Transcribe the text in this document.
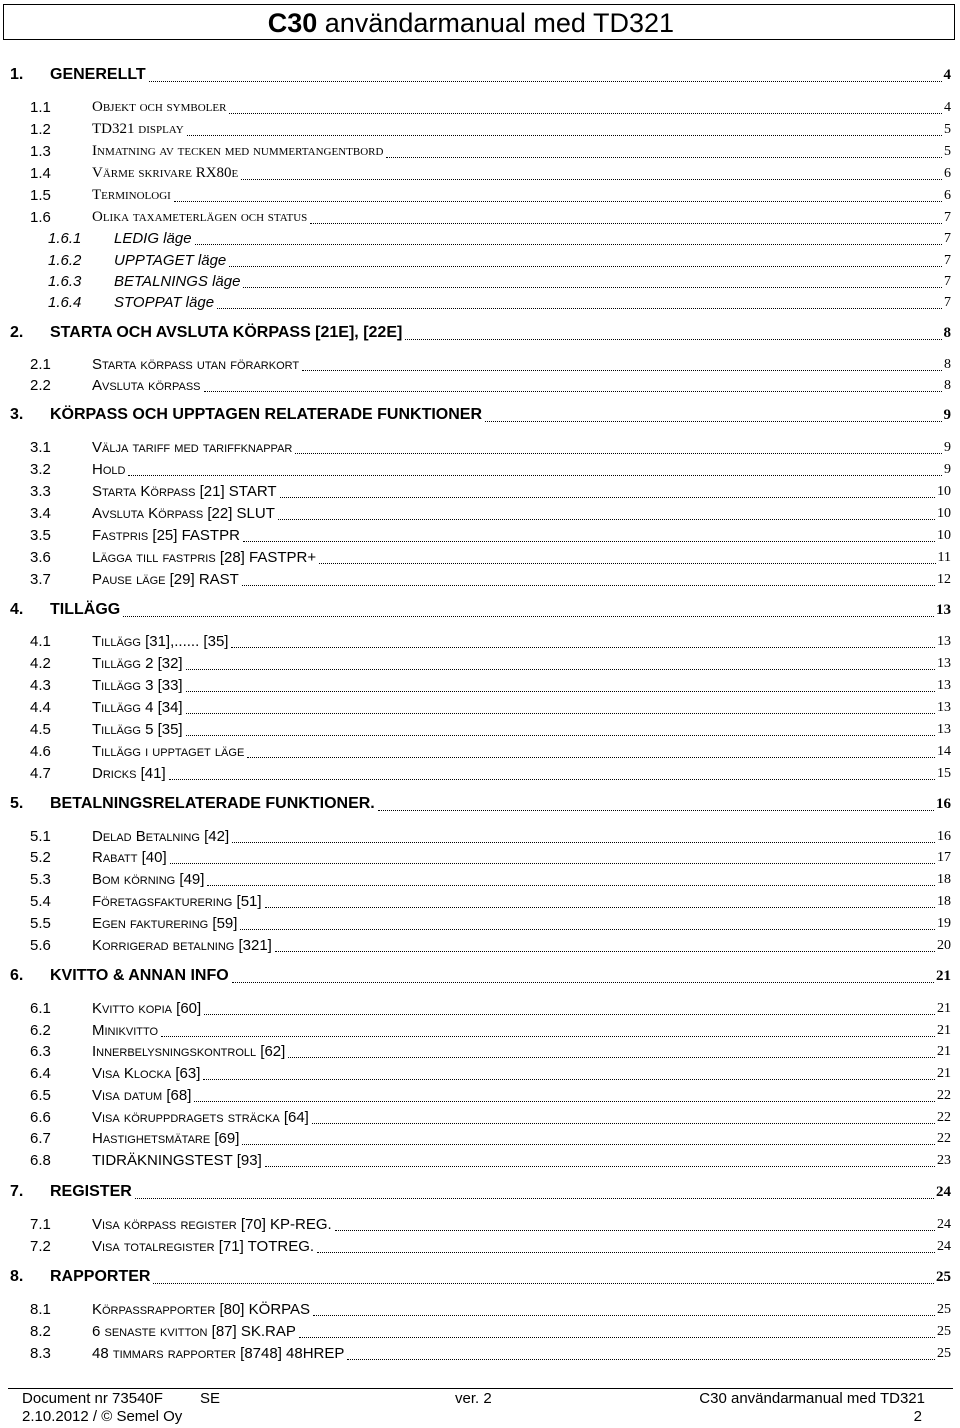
C30 användarmanual med TD321
1. GENERELLT	4
1.1	Objekt och symboler	4
1.2	TD321 display	5
1.3	Inmatning av tecken med nummertangentbord	5
1.4	Värme skrivare RX80e	6
1.5	Terminologi	6
1.6	Olika taxameterlägen och status	7
1.6.1 LEDIG läge	7
1.6.2 UPPTAGET läge	7
1.6.3 BETALNINGS läge	7
1.6.4 STOPPAT läge	7
2. STARTA OCH AVSLUTA KÖRPASS [21E], [22E]	8
2.1	Starta körpass utan förarkort	8
2.2	Avsluta körpass	8
3. KÖRPASS OCH UPPTAGEN RELATERADE FUNKTIONER	9
3.1	Välja tariff med tariffknappar	9
3.2	Hold	9
3.3	Starta Körpass [21] START	10
3.4	Avsluta Körpass [22] SLUT	10
3.5	Fastpris [25] FASTPR	10
3.6	Lägga till fastpris [28] FASTPR+	11
3.7	Pause läge [29] RAST	12
4. TILLÄGG	13
4.1	Tillägg [31],...... [35]	13
4.2	Tillägg 2 [32]	13
4.3	Tillägg 3 [33]	13
4.4	Tillägg 4 [34]	13
4.5	Tillägg 5 [35]	13
4.6	Tillägg i upptaget läge	14
4.7	Dricks [41]	15
5. BETALNINGSRELATERADE FUNKTIONER.	16
5.1	Delad Betalning [42]	16
5.2	Rabatt [40]	17
5.3	Bom körning [49]	18
5.4	Företagsfakturering [51]	18
5.5	Egen fakturering [59]	19
5.6	Korrigerad betalning [321]	20
6. KVITTO & ANNAN INFO	21
6.1	Kvitto kopia [60]	21
6.2	Minikvitto	21
6.3	Innerbelysningskontroll [62]	21
6.4	Visa Klocka [63]	21
6.5	Visa datum [68]	22
6.6	Visa köruppdragets sträcka [64]	22
6.7	Hastighetsmätare [69]	22
6.8	TIDRÄKNINGSTEST [93]	23
7. REGISTER	24
7.1	Visa körpass register [70] KP-REG.	24
7.2	Visa totalregister [71] TOTREG.	24
8. RAPPORTER	25
8.1	Körpassrapporter [80] KÖRPAS	25
8.2	6 senaste kvitton [87] SK.RAP	25
8.3	48 timmars rapporter [8748] 48HREP	25
Document nr 73540F SE	ver. 2	C30 användarmanual med TD321
2.10.2012 / © Semel Oy	2
